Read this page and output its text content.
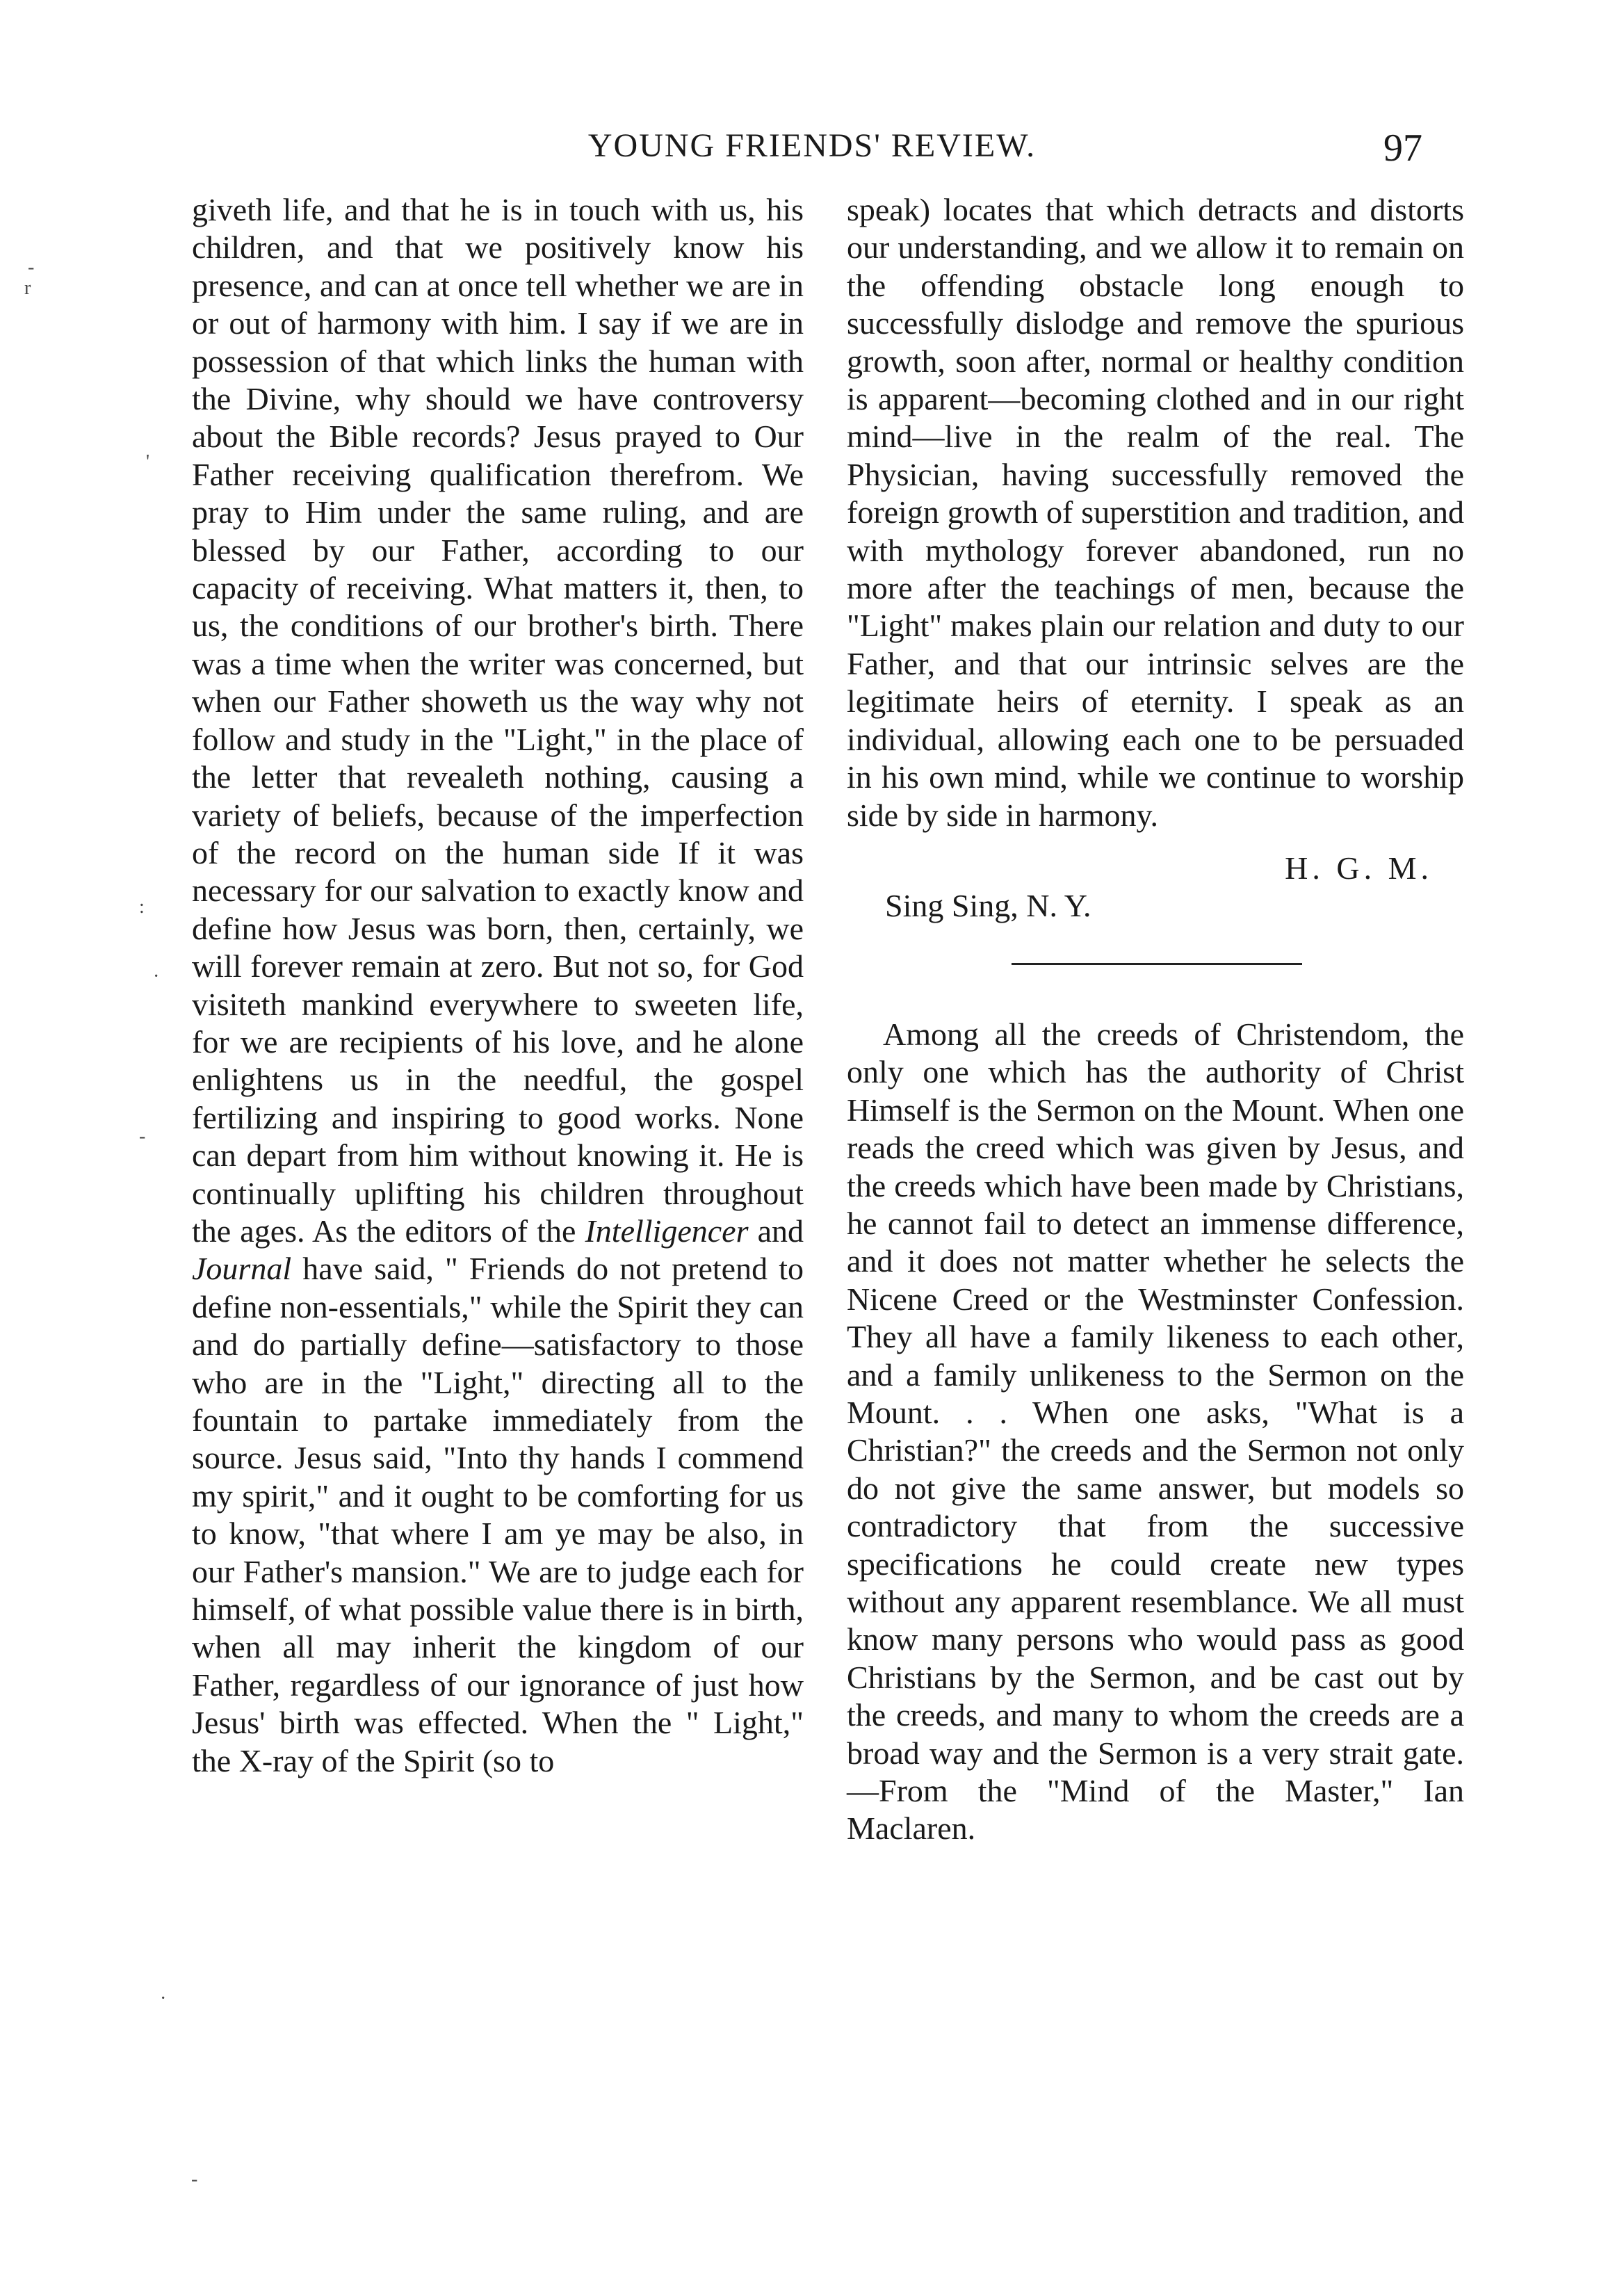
YOUNG FRIENDS' REVIEW.	97

giveth life, and that he is in touch with us, his children, and that we positively know his presence, and can at once tell whether we are in or out of harmony with him. I say if we are in possession of that which links the human with the Divine, why should we have controversy about the Bible records? Jesus prayed to Our Father receiving qualification therefrom. We pray to Him under the same ruling, and are blessed by our Father, according to our capacity of receiving. What matters it, then, to us, the conditions of our brother's birth. There was a time when the writer was concerned, but when our Father showeth us the way why not follow and study in the "Light," in the place of the letter that revealeth nothing, causing a variety of beliefs, because of the imperfection of the record on the human side If it was necessary for our salvation to exactly know and define how Jesus was born, then, certainly, we will forever remain at zero. But not so, for God visiteth mankind everywhere to sweeten life, for we are recipients of his love, and he alone enlightens us in the needful, the gospel fertilizing and inspiring to good works. None can depart from him without knowing it. He is continually uplifting his children throughout the ages. As the editors of the Intelligencer and Journal have said, " Friends do not pretend to define non-essentials," while the Spirit they can and do partially define—satisfactory to those who are in the "Light," directing all to the fountain to partake immediately from the source. Jesus said, "Into thy hands I commend my spirit," and it ought to be comforting for us to know, "that where I am ye may be also, in our Father's mansion." We are to judge each for himself, of what possible value there is in birth, when all may inherit the kingdom of our Father, regardless of our ignorance of just how Jesus' birth was effected. When the " Light," the X-ray of the Spirit (so to

speak) locates that which detracts and distorts our understanding, and we allow it to remain on the offending obstacle long enough to successfully dislodge and remove the spurious growth, soon after, normal or healthy condition is apparent—becoming clothed and in our right mind—live in the realm of the real. The Physician, having successfully removed the foreign growth of superstition and tradition, and with mythology forever abandoned, run no more after the teachings of men, because the "Light" makes plain our relation and duty to our Father, and that our intrinsic selves are the legitimate heirs of eternity. I speak as an individual, allowing each one to be persuaded in his own mind, while we continue to worship side by side in harmony.

H. G. M.
Sing Sing, N. Y.

Among all the creeds of Christendom, the only one which has the authority of Christ Himself is the Sermon on the Mount. When one reads the creed which was given by Jesus, and the creeds which have been made by Christians, he cannot fail to detect an immense difference, and it does not matter whether he selects the Nicene Creed or the Westminster Confession. They all have a family likeness to each other, and a family unlikeness to the Sermon on the Mount. . . When one asks, "What is a Christian?" the creeds and the Sermon not only do not give the same answer, but models so contradictory that from the successive specifications he could create new types without any apparent resemblance. We all must know many persons who would pass as good Christians by the Sermon, and be cast out by the creeds, and many to whom the creeds are a broad way and the Sermon is a very strait gate. —From the "Mind of the Master," Ian Maclaren.

-
r
'
:
·
-
·
-
